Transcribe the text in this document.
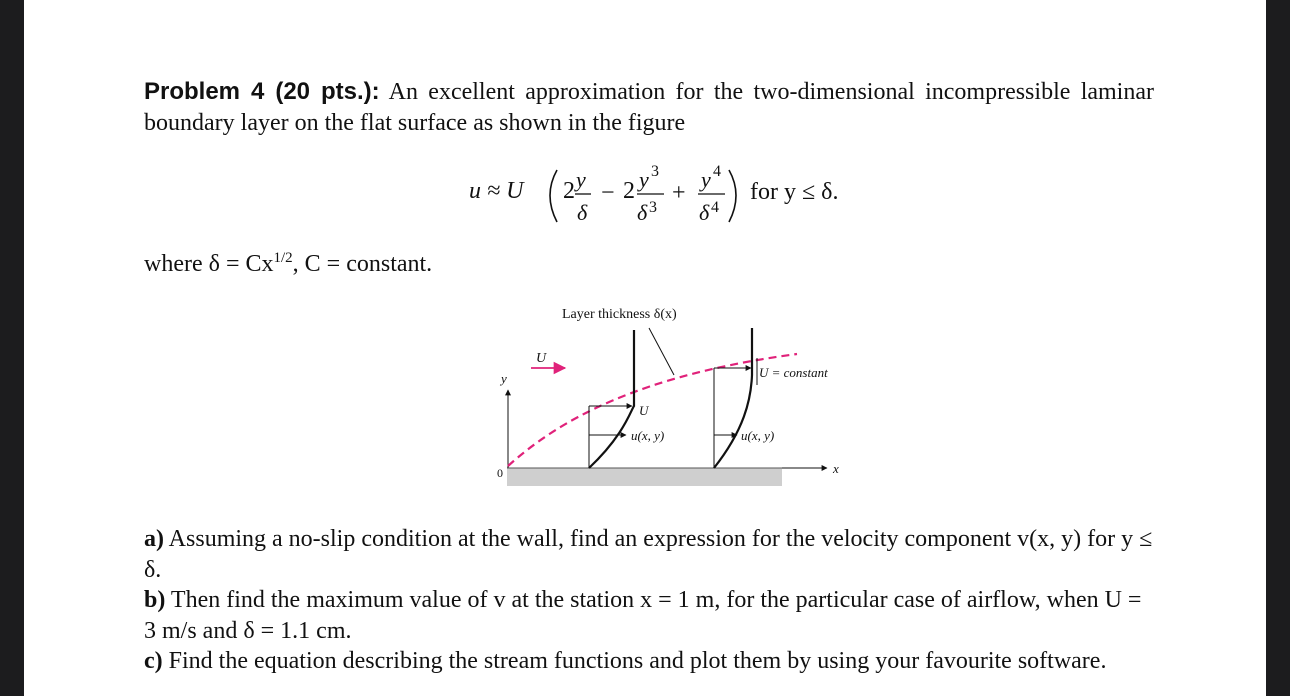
Problem 4 (20 pts.): An excellent approximation for the two-dimensional incompressible laminar boundary layer on the flat surface as shown in the figure
u ≈ U 2 y
δ
− 2 y 3
δ 3
+
y 4
δ 4
for y ≤ δ.
where $\delta = Cx^{1/2}$, C = constant.
Layer thickness δ(x)
y
0	x
U
U
u(x, y)	u(x, y)
U = constant

a) Assuming a no-slip condition at the wall, find an expression for the velocity component v(x, y) for y ≤ δ.

b) Then find the maximum value of v at the station x = 1 m, for the particular case of airflow, when U = 3 m/s and δ = 1.1 cm.

c) Find the equation describing the stream functions and plot them by using your favourite software.
